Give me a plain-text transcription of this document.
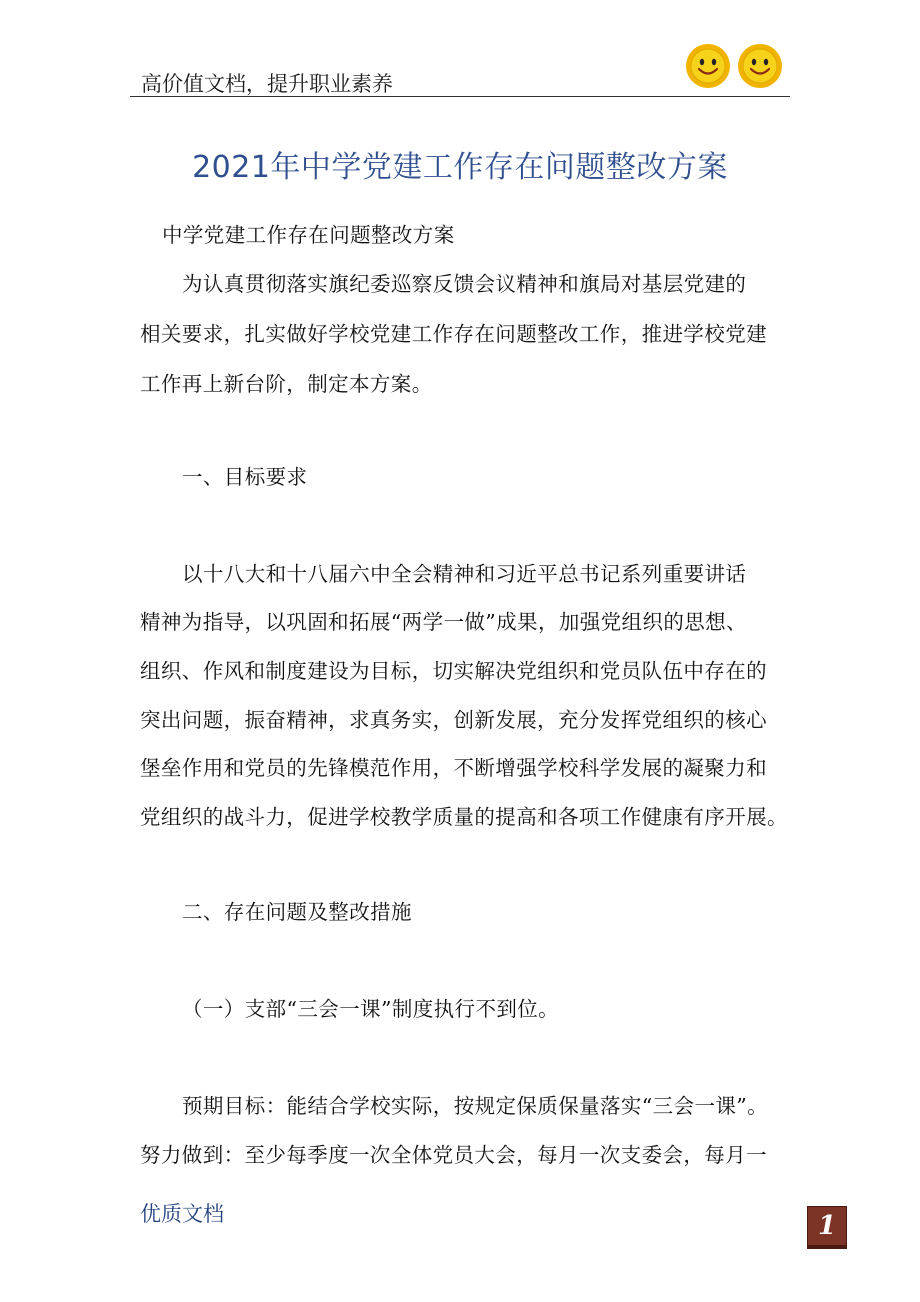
高价值文档，提升职业素养
2021年中学党建工作存在问题整改方案
中学党建工作存在问题整改方案
为认真贯彻落实旗纪委巡察反馈会议精神和旗局对基层党建的
相关要求，扎实做好学校党建工作存在问题整改工作，推进学校党建
工作再上新台阶，制定本方案。
一、目标要求
以十八大和十八届六中全会精神和习近平总书记系列重要讲话
精神为指导，以巩固和拓展“两学一做”成果，加强党组织的思想、
组织、作风和制度建设为目标，切实解决党组织和党员队伍中存在的
突出问题，振奋精神，求真务实，创新发展，充分发挥党组织的核心
堡垒作用和党员的先锋模范作用，不断增强学校科学发展的凝聚力和
党组织的战斗力，促进学校教学质量的提高和各项工作健康有序开展。
二、存在问题及整改措施
（一）支部“三会一课”制度执行不到位。
预期目标：能结合学校实际，按规定保质保量落实“三会一课”。
努力做到：至少每季度一次全体党员大会，每月一次支委会，每月一
优质文档	1
